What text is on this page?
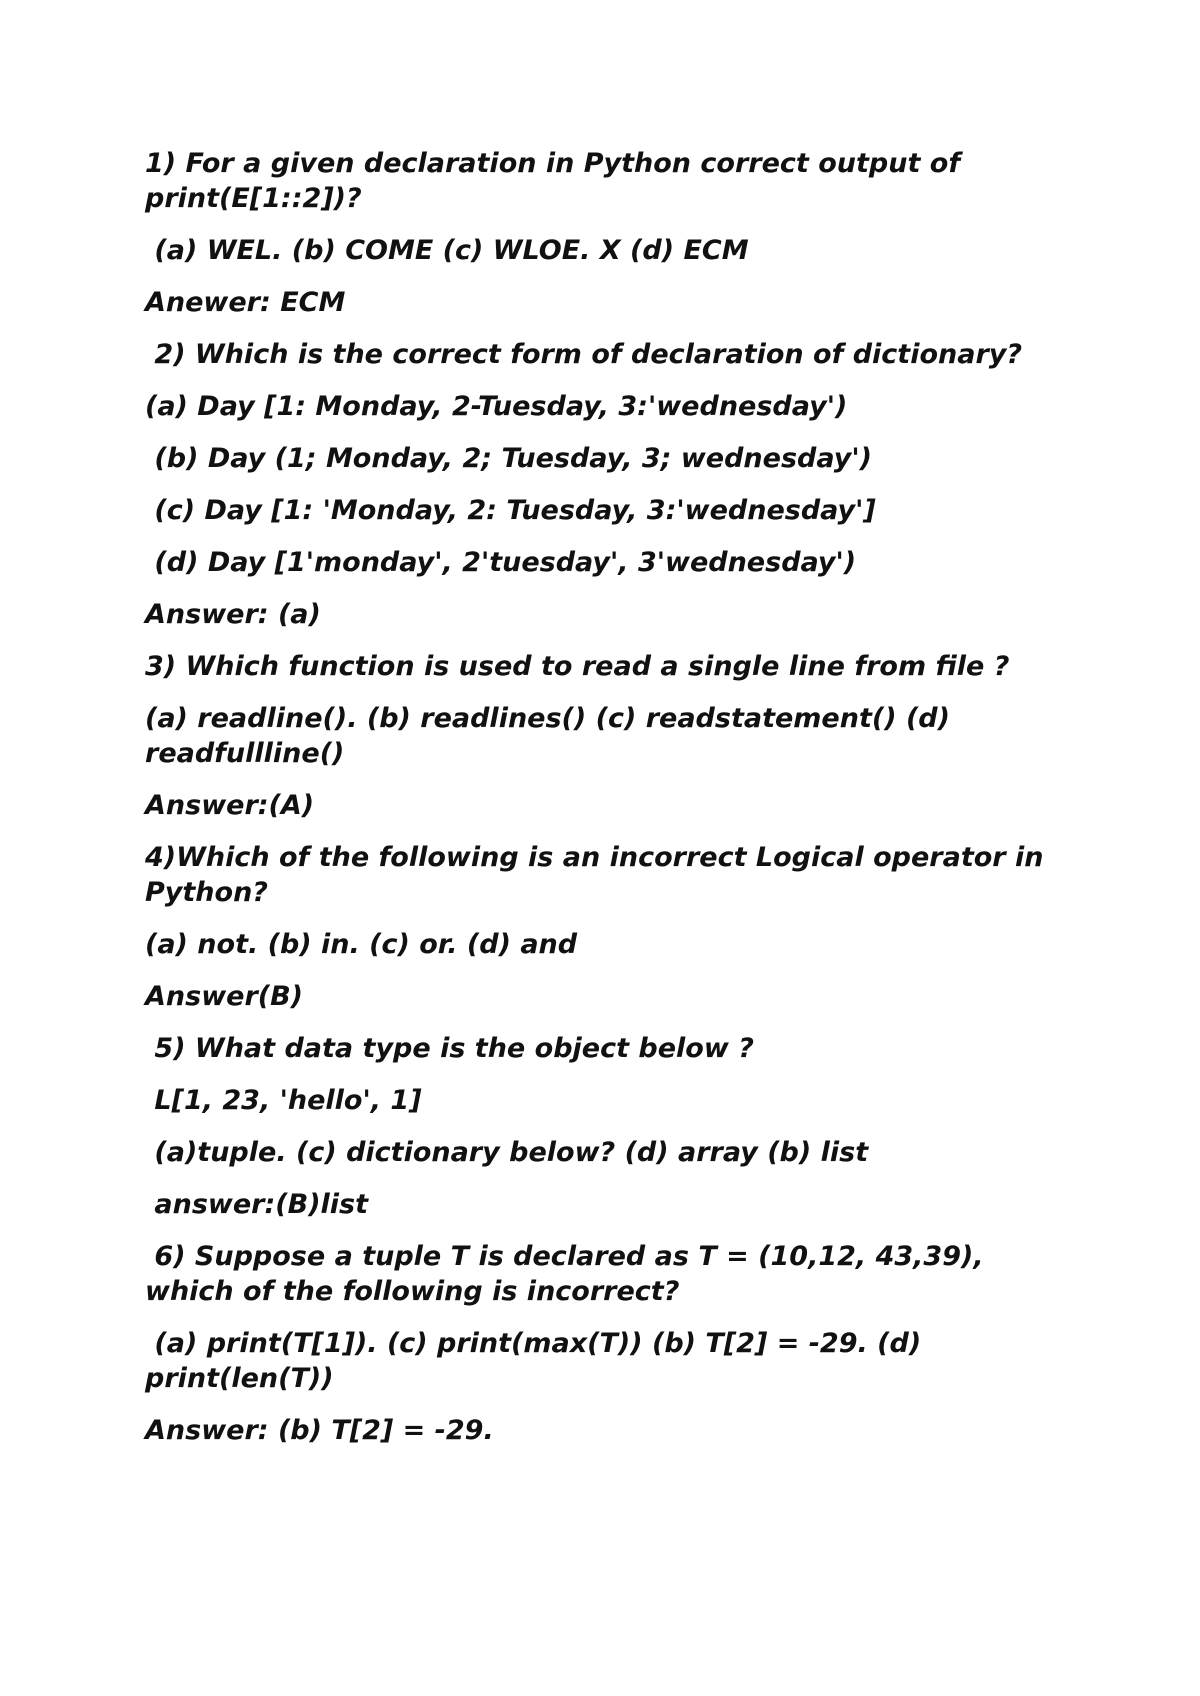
1) For a given declaration in Python correct output of print(E[1::2])?

(a) WEL. (b) COME (c) WLOE. X (d) ECM

Anewer: ECM

2) Which is the correct form of declaration of dictionary?

(a) Day [1: Monday, 2-Tuesday, 3:'wednesday')

(b) Day (1; Monday, 2; Tuesday, 3; wednesday')

(c) Day [1: 'Monday, 2: Tuesday, 3:'wednesday']

(d) Day [1'monday', 2'tuesday', 3'wednesday')

Answer: (a)

3) Which function is used to read a single line from file ?

(a) readline(). (b) readlines() (c) readstatement() (d) readfullline()

Answer:(A)

4)Which of the following is an incorrect Logical operator in Python?

(a) not. (b) in. (c) or. (d) and

Answer(B)

5) What data type is the object below ?

L[1, 23, 'hello', 1]

(a)tuple. (c) dictionary below? (d) array (b) list

answer:(B)list

6) Suppose a tuple T is declared as T = (10,12, 43,39), which of the following is incorrect?

(a) print(T[1]). (c) print(max(T)) (b) T[2] = -29. (d) print(len(T))

Answer: (b) T[2] = -29.
